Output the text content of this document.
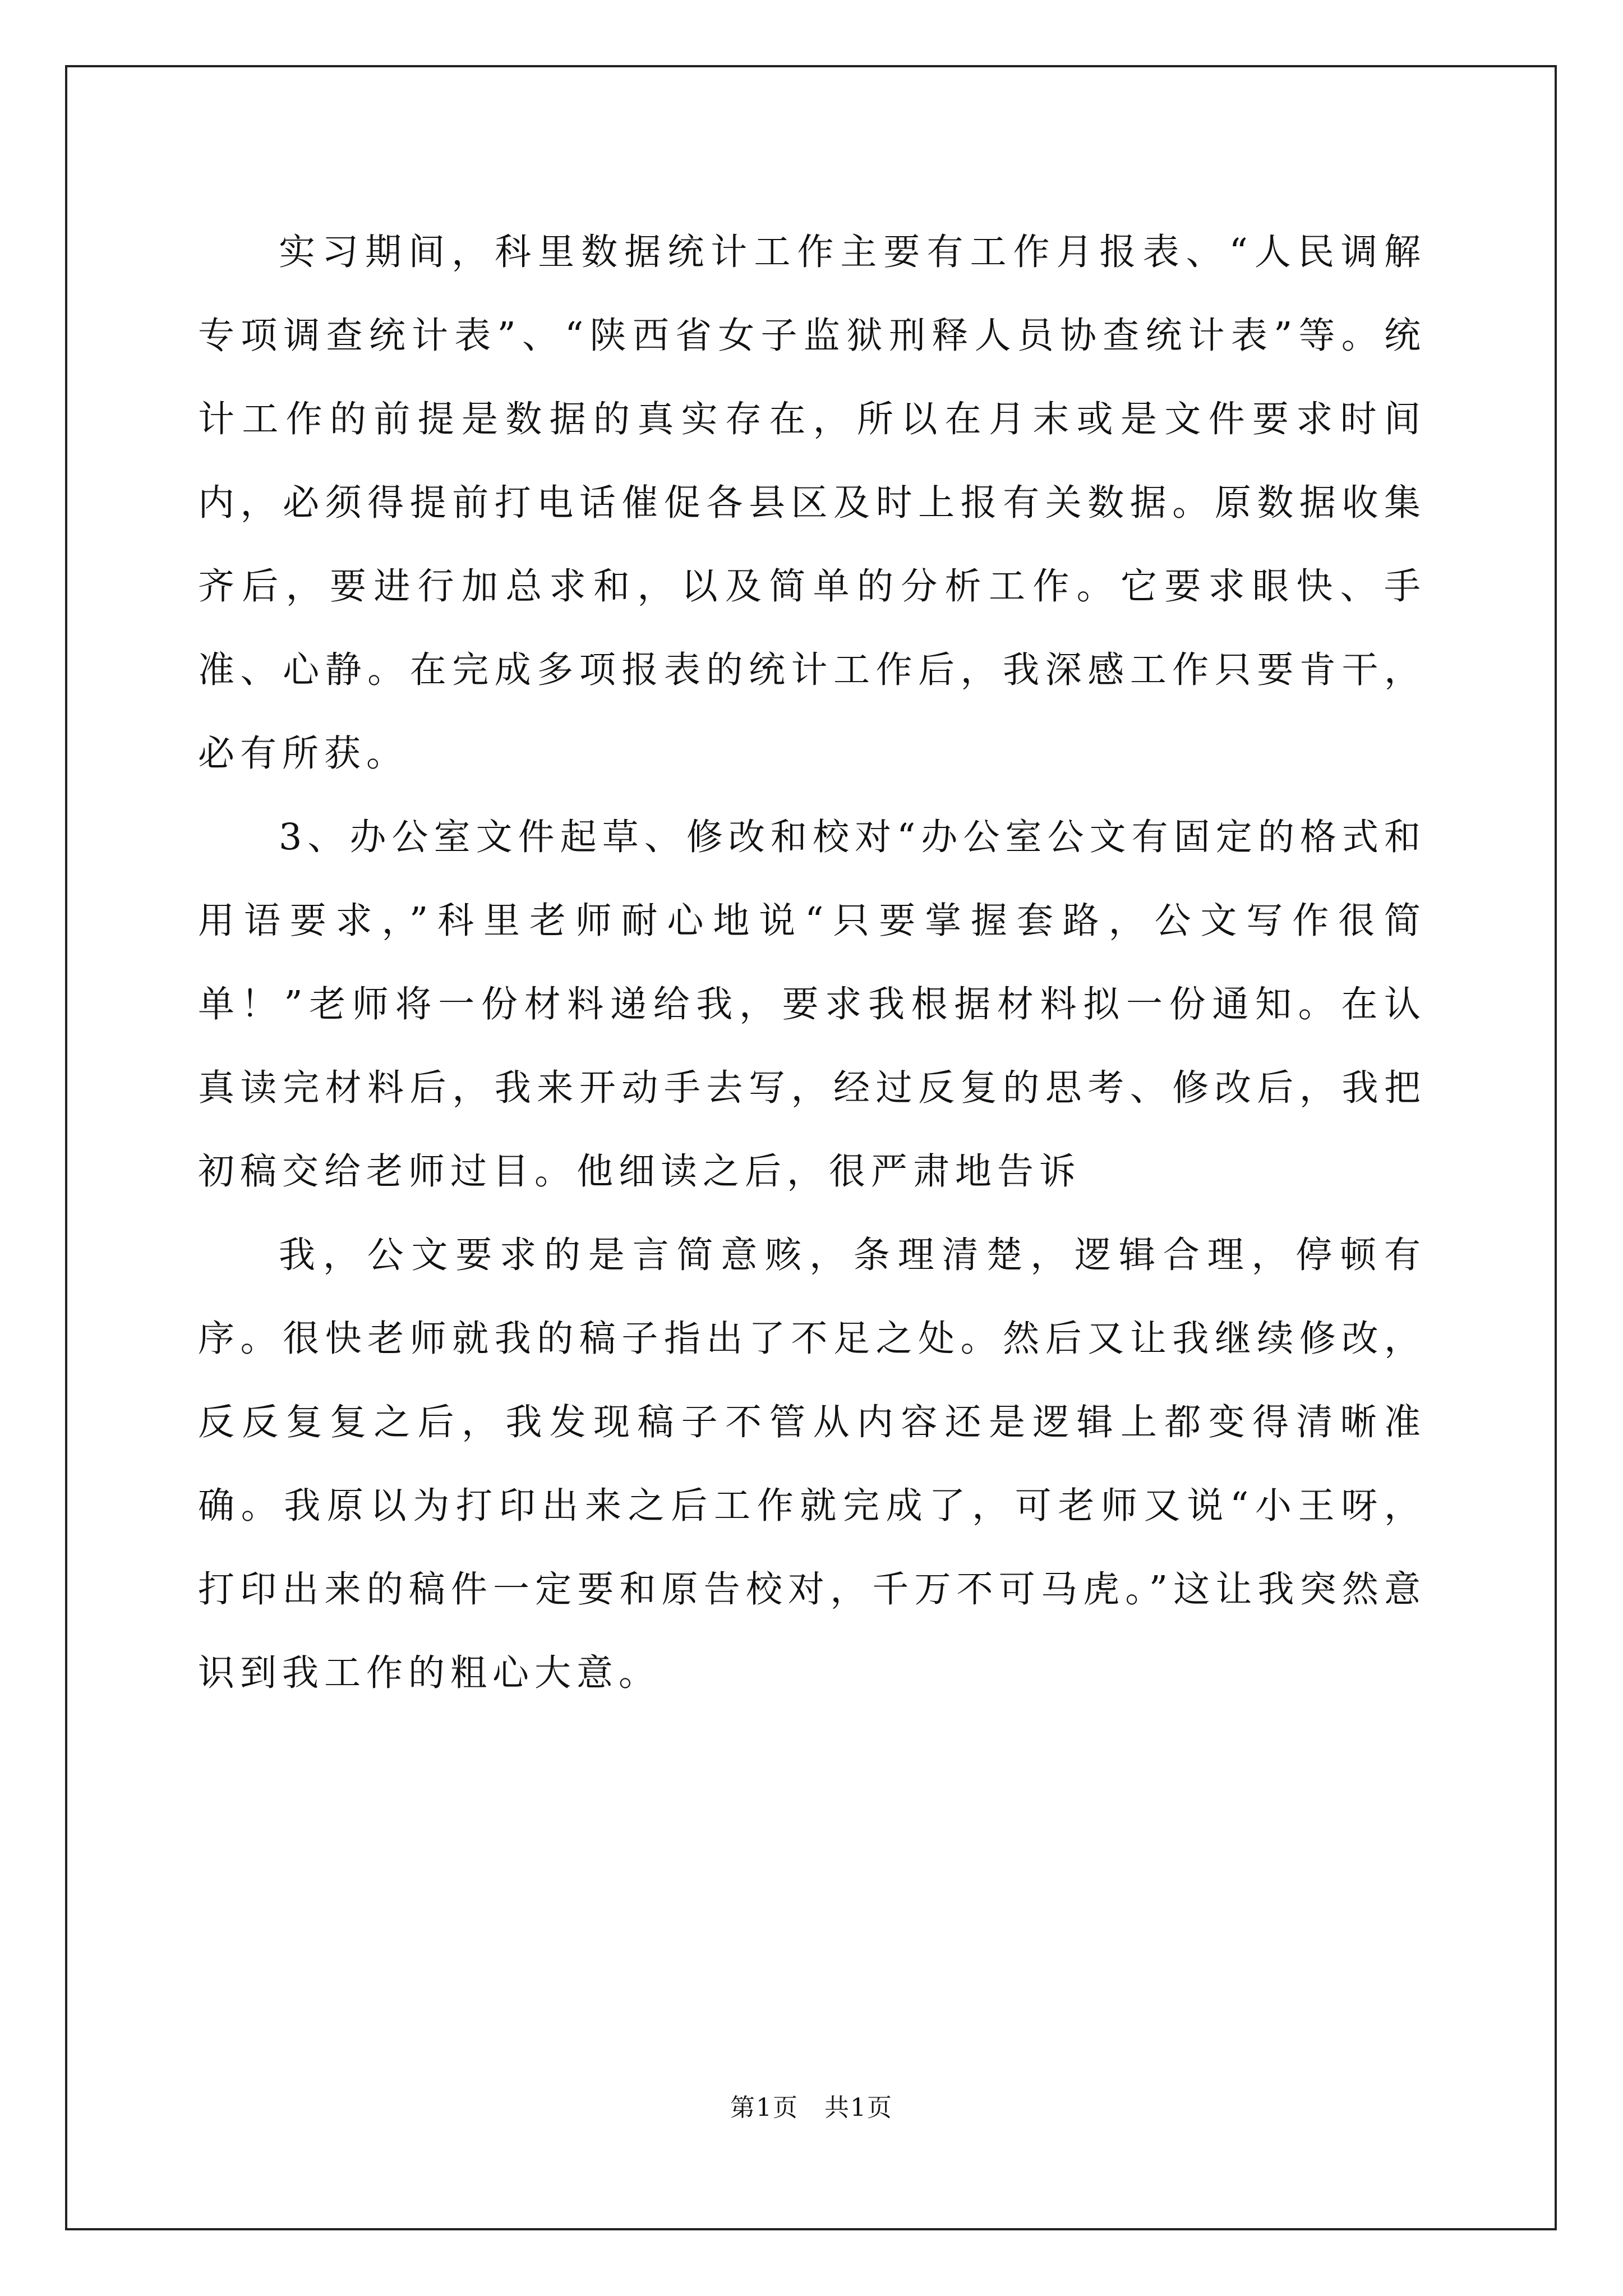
实习期间，科里数据统计工作主要有工作月报表、“人民调解专项调查统计表”、“陕西省女子监狱刑释人员协查统计表”等。统计工作的前提是数据的真实存在，所以在月末或是文件要求时间内，必须得提前打电话催促各县区及时上报有关数据。原数据收集齐后，要进行加总求和，以及简单的分析工作。它要求眼快、手准、心静。在完成多项报表的统计工作后，我深感工作只要肯干，必有所获。

3、办公室文件起草、修改和校对“办公室公文有固定的格式和用语要求，”科里老师耐心地说“只要掌握套路，公文写作很简单！”老师将一份材料递给我，要求我根据材料拟一份通知。在认真读完材料后，我来开动手去写，经过反复的思考、修改后，我把初稿交给老师过目。他细读之后，很严肃地告诉

我，公文要求的是言简意赅，条理清楚，逻辑合理，停顿有序。很快老师就我的稿子指出了不足之处。然后又让我继续修改，反反复复之后，我发现稿子不管从内容还是逻辑上都变得清晰准确。我原以为打印出来之后工作就完成了，可老师又说“小王呀，打印出来的稿件一定要和原告校对，千万不可马虎。”这让我突然意识到我工作的粗心大意。

第1页　共1页
